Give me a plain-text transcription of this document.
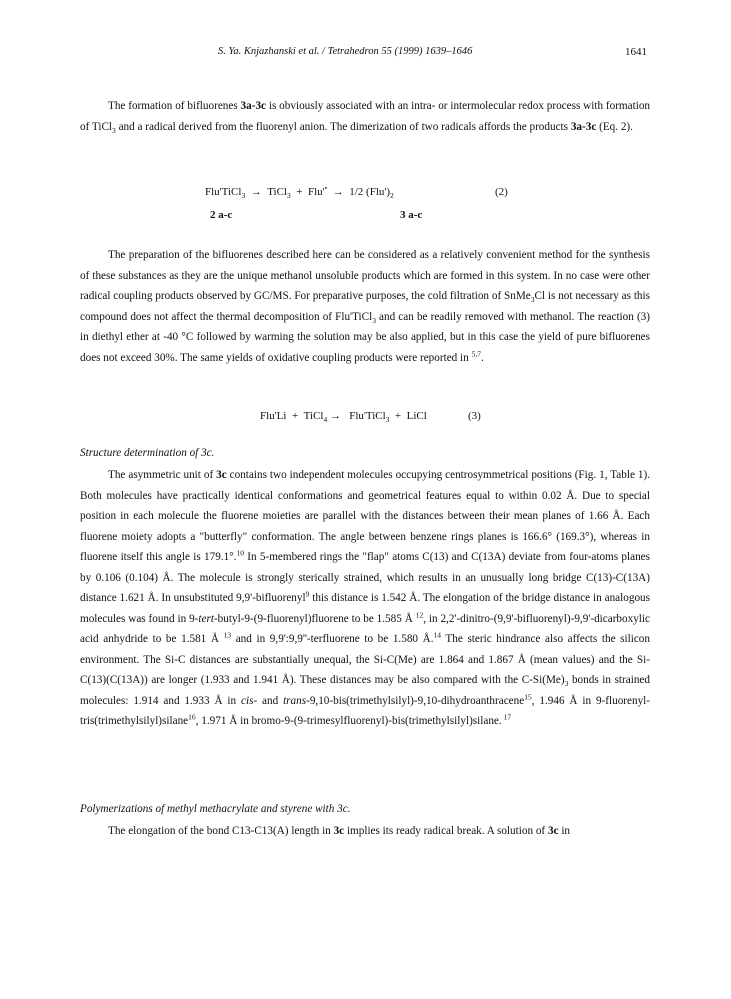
S. Ya. Knjazhanski et al. / Tetrahedron 55 (1999) 1639–1646	1641
The formation of bifluorenes 3a-3c is obviously associated with an intra- or intermolecular redox process with formation of TiCl$_3$ and a radical derived from the fluorenyl anion. The dimerization of two radicals affords the products 3a-3c (Eq. 2).
Flu'TiCl$_3$ → TiCl$_3$ + Flu'• → 1/2 $(Flu')_2$	(2)
2 a-c	3 a-c
The preparation of the bifluorenes described here can be considered as a relatively convenient method for the synthesis of these substances as they are the unique methanol unsoluble products which are formed in this system. In no case were other radical coupling products observed by GC/MS. For preparative purposes, the cold filtration of SnMe$_3$Cl is not necessary as this compound does not affect the thermal decomposition of Flu'TiCl$_3$ and can be readily removed with methanol. The reaction (3) in diethyl ether at -40 °C followed by warming the solution may be also applied, but in this case the yield of pure bifluorenes does not exceed 30%. The same yields of oxidative coupling products were reported in $^{5,7}$.
Flu'Li + TiCl$_4$ → Flu'TiCl$_3$ + LiCl	(3)
Structure determination of 3c.
The asymmetric unit of 3c contains two independent molecules occupying centrosymmetrical positions (Fig. 1, Table 1). Both molecules have practically identical conformations and geometrical features equal to within 0.02 Å. Due to special position in each molecule the fluorene moieties are parallel with the distances between their mean planes of 1.66 Å. Each fluorene moiety adopts a "butterfly" conformation. The angle between benzene rings planes is 166.6° (169.3°), whereas in fluorene itself this angle is 179.1°.$^{10}$ In 5-membered rings the "flap" atoms C(13) and C(13A) deviate from four-atoms planes by 0.106 (0.104) Å. The molecule is strongly sterically strained, which results in an unusually long bridge C(13)-C(13A) distance 1.621 Å. In unsubstituted 9,9'-bifluorenyl$^9$ this distance is 1.542 Å. The elongation of the bridge distance in analogous molecules was found in 9-tert-butyl-9-(9-fluorenyl)fluorene to be 1.585 Å $^{12}$, in 2,2'-dinitro-(9,9'-bifluorenyl)-9,9'-dicarboxylic acid anhydride to be 1.581 Å $^{13}$ and in 9,9':9,9''-terfluorene to be 1.580 Å.$^{14}$ The steric hindrance also affects the silicon environment. The Si-C distances are substantially unequal, the Si-C(Me) are 1.864 and 1.867 Å (mean values) and the Si-C(13)(C(13A)) are longer (1.933 and 1.941 Å). These distances may be also compared with the $C-Si(Me)_3$ bonds in strained molecules: 1.914 and 1.933 Å in cis- and trans-9,10-bis(trimethylsilyl)-9,10-dihydroanthracene$^{15}$, 1.946 Å in 9-fluorenyl-tris(trimethylsilyl)silane$^{16}$, 1.971 Å in bromo-9-(9-trimesylfluorenyl)-bis(trimethylsilyl)silane. $^{17}$
Polymerizations of methyl methacrylate and styrene with 3c.
The elongation of the bond C13-C13(A) length in 3c implies its ready radical break. A solution of 3c in
